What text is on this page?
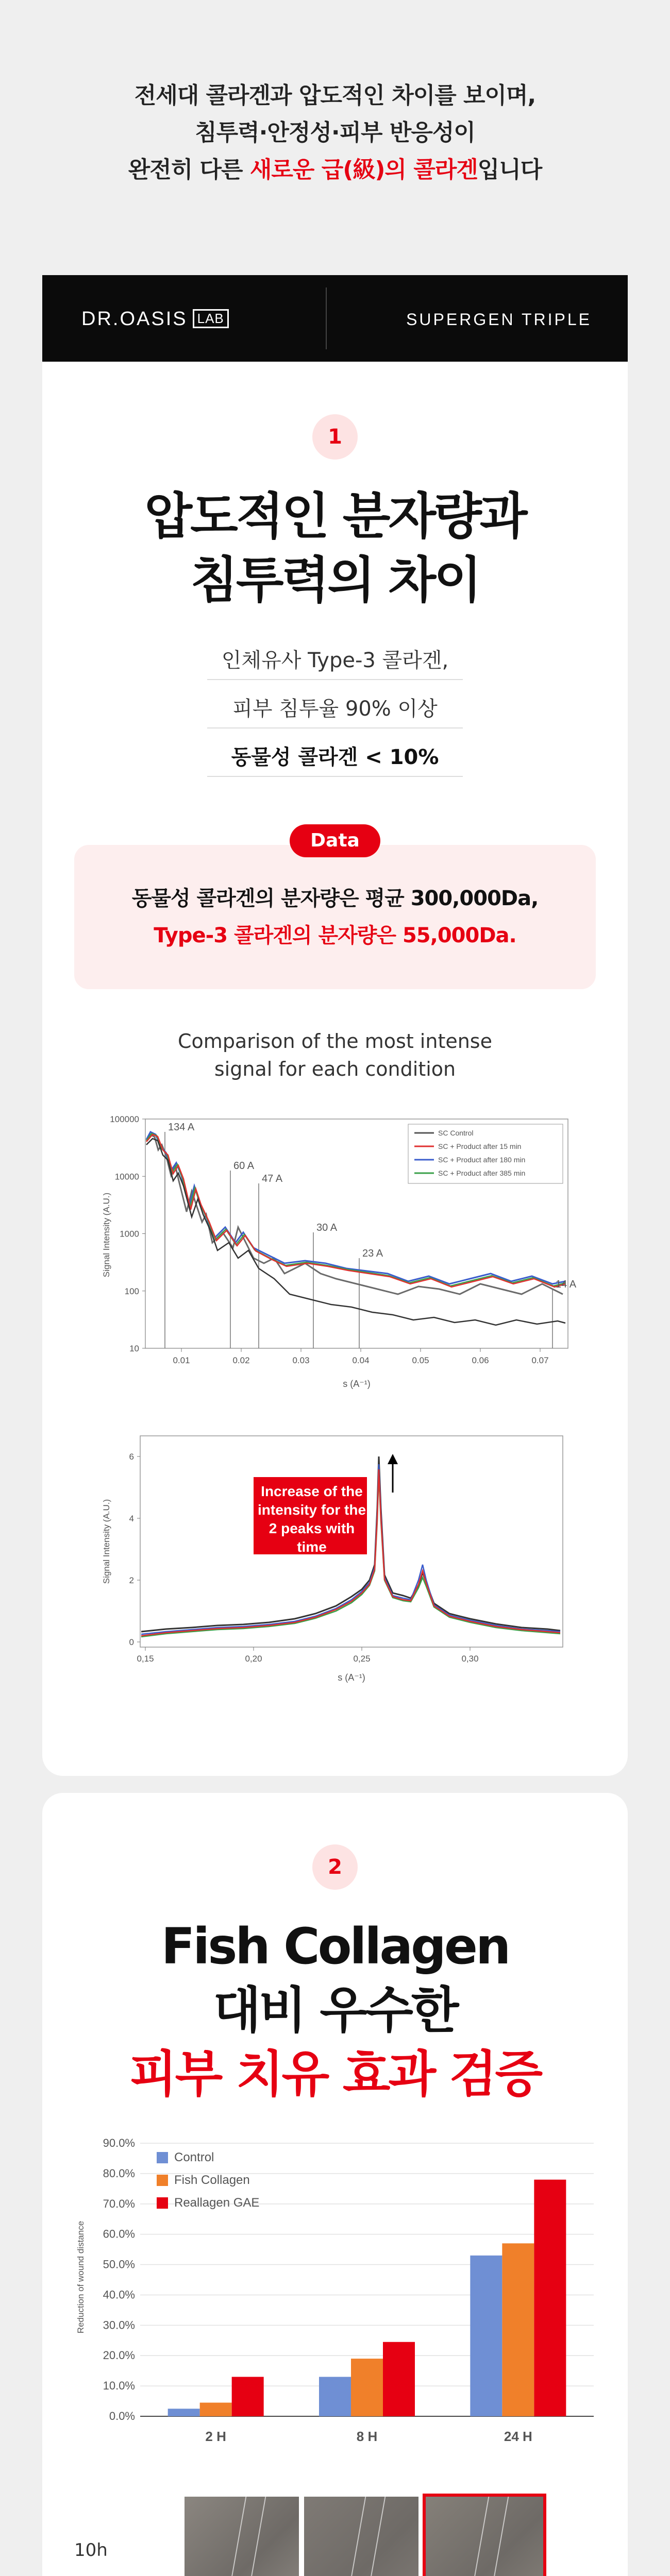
전세대 콜라겐과 압도적인 차이를 보이며,

침투력·안정성·피부 반응성이

완전히 다른 새로운 급(級)의 콜라겐입니다

DR.OASIS LAB	SUPERGEN TRIPLE
1
압도적인 분자량과
침투력의 차이
인체유사 Type-3 콜라겐,
피부 침투율 90% 이상
동물성 콜라겐 < 10%
Data
동물성 콜라겐의 분자량은 평균 300,000Da,
Type-3 콜라겐의 분자량은 55,000Da.
Comparison of the most intense
signal for each condition
100000
10000
1000
100
10
0.01	0.02	0.03	0.04	0.05	0.06	0.07
134 A
60 A
47 A
30 A
23 A
14 A
Signal Intensity (A.U.)
s (A⁻¹)
SC Control
SC + Product after 15 min
SC + Product after 180 min
SC + Product after 385 min
6
4
2
0
0,15	0,20	0,25	0,30
Signal Intensity (A.U.)
s (A⁻¹)
Increase of the intensity for the 2 peaks with time
2
Fish Collagen
대비 우수한
피부 치유 효과 검증
Reduction of wound distance
0.0%
10.0%
20.0%
30.0%
40.0%
50.0%
60.0%
70.0%
80.0%
90.0%
2 H	8 H	24 H
Control
Fish Collagen
Reallagen GAE
10h
